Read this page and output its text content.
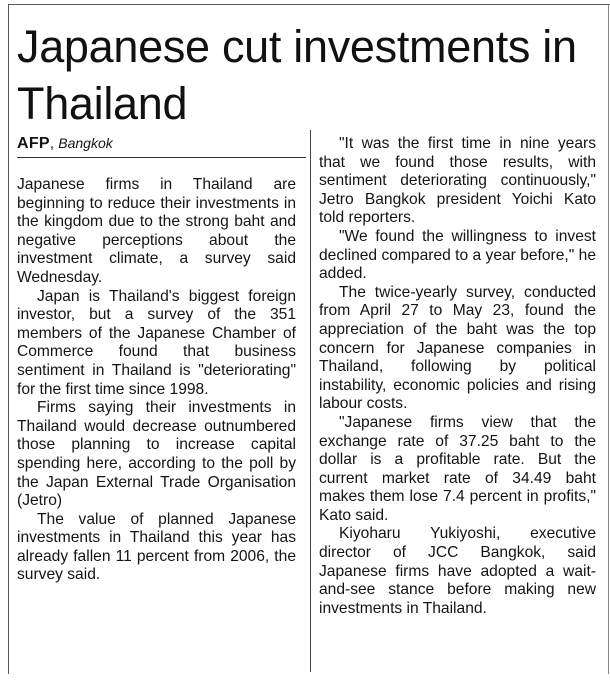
Japanese cut investments in Thailand
AFP, Bangkok

Japanese firms in Thailand are beginning to reduce their investments in the kingdom due to the strong baht and negative perceptions about the investment climate, a survey said Wednesday.

Japan is Thailand's biggest foreign investor, but a survey of the 351 members of the Japanese Chamber of Commerce found that business sentiment in Thailand is "deteriorating" for the first time since 1998.

Firms saying their investments in Thailand would decrease outnumbered those planning to increase capital spending here, according to the poll by the Japan External Trade Organisation (Jetro)

The value of planned Japanese investments in Thailand this year has already fallen 11 percent from 2006, the survey said.

"It was the first time in nine years that we found those results, with sentiment deteriorating continuously," Jetro Bangkok president Yoichi Kato told reporters.

"We found the willingness to invest declined compared to a year before," he added.

The twice-yearly survey, conducted from April 27 to May 23, found the appreciation of the baht was the top concern for Japanese companies in Thailand, following by political instability, economic policies and rising labour costs.

"Japanese firms view that the exchange rate of 37.25 baht to the dollar is a profitable rate. But the current market rate of 34.49 baht makes them lose 7.4 percent in profits," Kato said.

Kiyoharu Yukiyoshi, executive director of JCC Bangkok, said Japanese firms have adopted a wait-and-see stance before making new investments in Thailand.
